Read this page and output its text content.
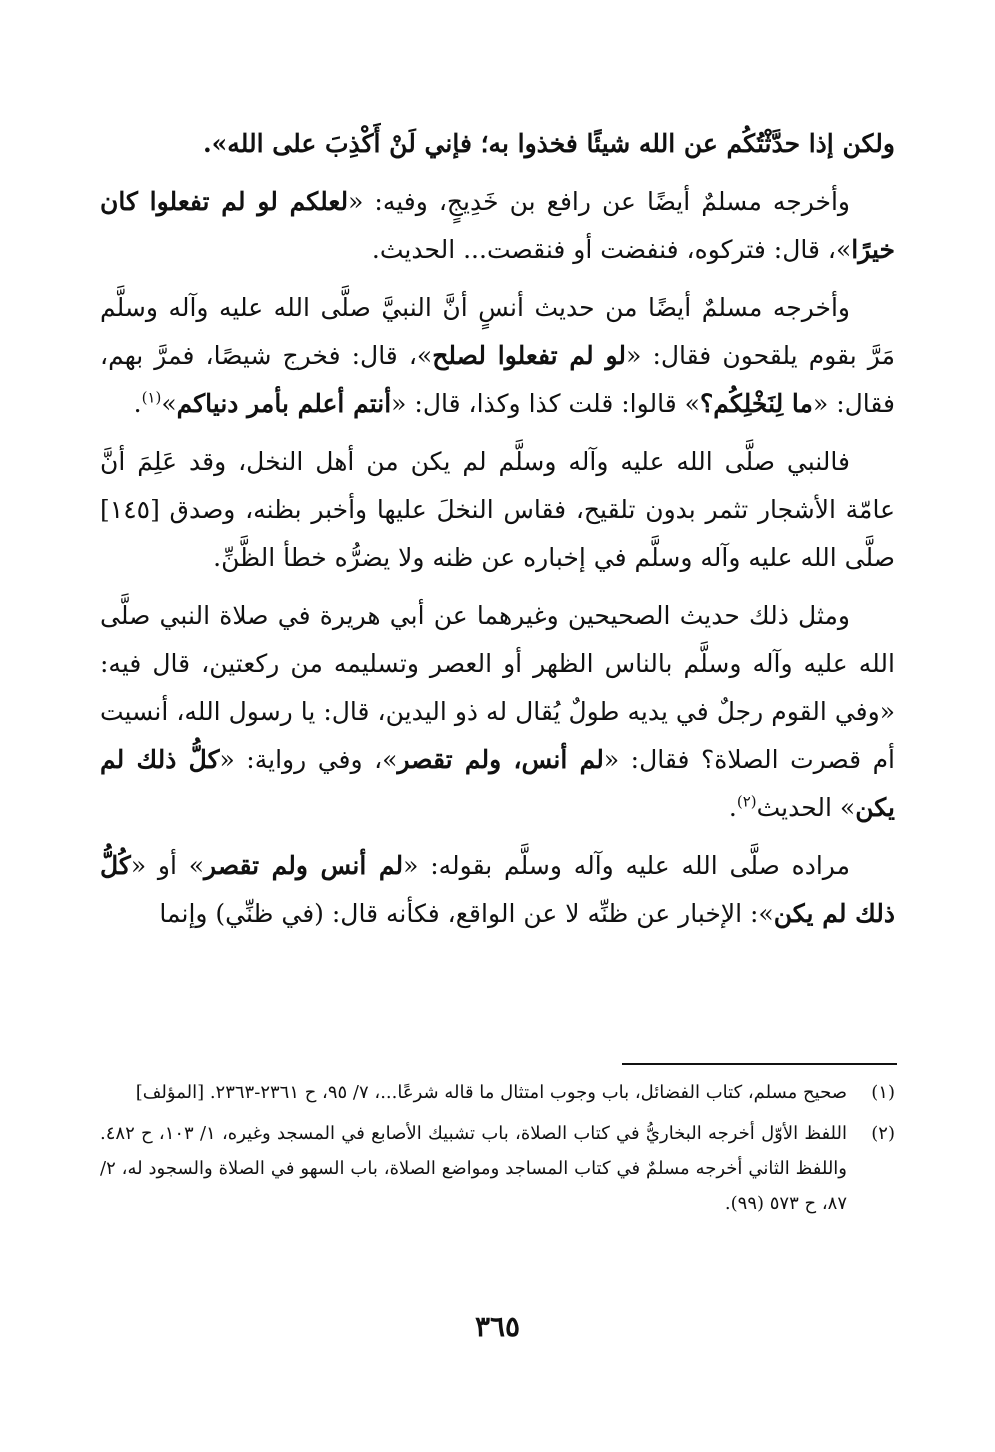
ولكن إذا حدَّثْتُكُم عن الله شيئًا فخذوا به؛ فإني لَنْ أَكْذِبَ على الله».

وأخرجه مسلمٌ أيضًا عن رافع بن خَدِيجٍ، وفيه: «لعلكم لو لم تفعلوا كان خيرًا»، قال: فتركوه، فنفضت أو فنقصت... الحديث.

وأخرجه مسلمٌ أيضًا من حديث أنسٍ أنَّ النبيَّ صلَّى الله عليه وآله وسلَّم مَرَّ بقوم يلقحون فقال: «لو لم تفعلوا لصلح»، قال: فخرج شيصًا، فمرَّ بهم، فقال: «ما لِنَخْلِكُم؟» قالوا: قلت كذا وكذا، قال: «أنتم أعلم بأمر دنياكم»$^{(١)}$.

فالنبي صلَّى الله عليه وآله وسلَّم لم يكن من أهل النخل، وقد عَلِمَ أنَّ عامّة الأشجار تثمر بدون تلقيح، فقاس النخلَ عليها وأخبر بظنه، وصدق [١٤٥] صلَّى الله عليه وآله وسلَّم في إخباره عن ظنه ولا يضرُّه خطأ الظَّنِّ.

ومثل ذلك حديث الصحيحين وغيرهما عن أبي هريرة في صلاة النبي صلَّى الله عليه وآله وسلَّم بالناس الظهر أو العصر وتسليمه من ركعتين، قال فيه: «وفي القوم رجلٌ في يديه طولٌ يُقال له ذو اليدين، قال: يا رسول الله، أنسيت أم قصرت الصلاة؟ فقال: «لم أنس، ولم تقصر»، وفي رواية: «كلُّ ذلك لم يكن» الحديث$^{(٢)}$.

مراده صلَّى الله عليه وآله وسلَّم بقوله: «لم أنس ولم تقصر» أو «كُلُّ ذلك لم يكن»: الإخبار عن ظنِّه لا عن الواقع، فكأنه قال: (في ظنِّي) وإنما

(١)
صحيح مسلم، كتاب الفضائل، باب وجوب امتثال ما قاله شرعًا...، ٧/ ٩٥، ح ٢٣٦١-٢٣٦٣. [المؤلف]
(٢)
اللفظ الأوّل أخرجه البخاريُّ في كتاب الصلاة، باب تشبيك الأصابع في المسجد وغيره، ١/ ١٠٣، ح ٤٨٢. واللفظ الثاني أخرجه مسلمٌ في كتاب المساجد ومواضع الصلاة، باب السهو في الصلاة والسجود له، ٢/ ٨٧، ح ٥٧٣ (٩٩).
٣٦٥
